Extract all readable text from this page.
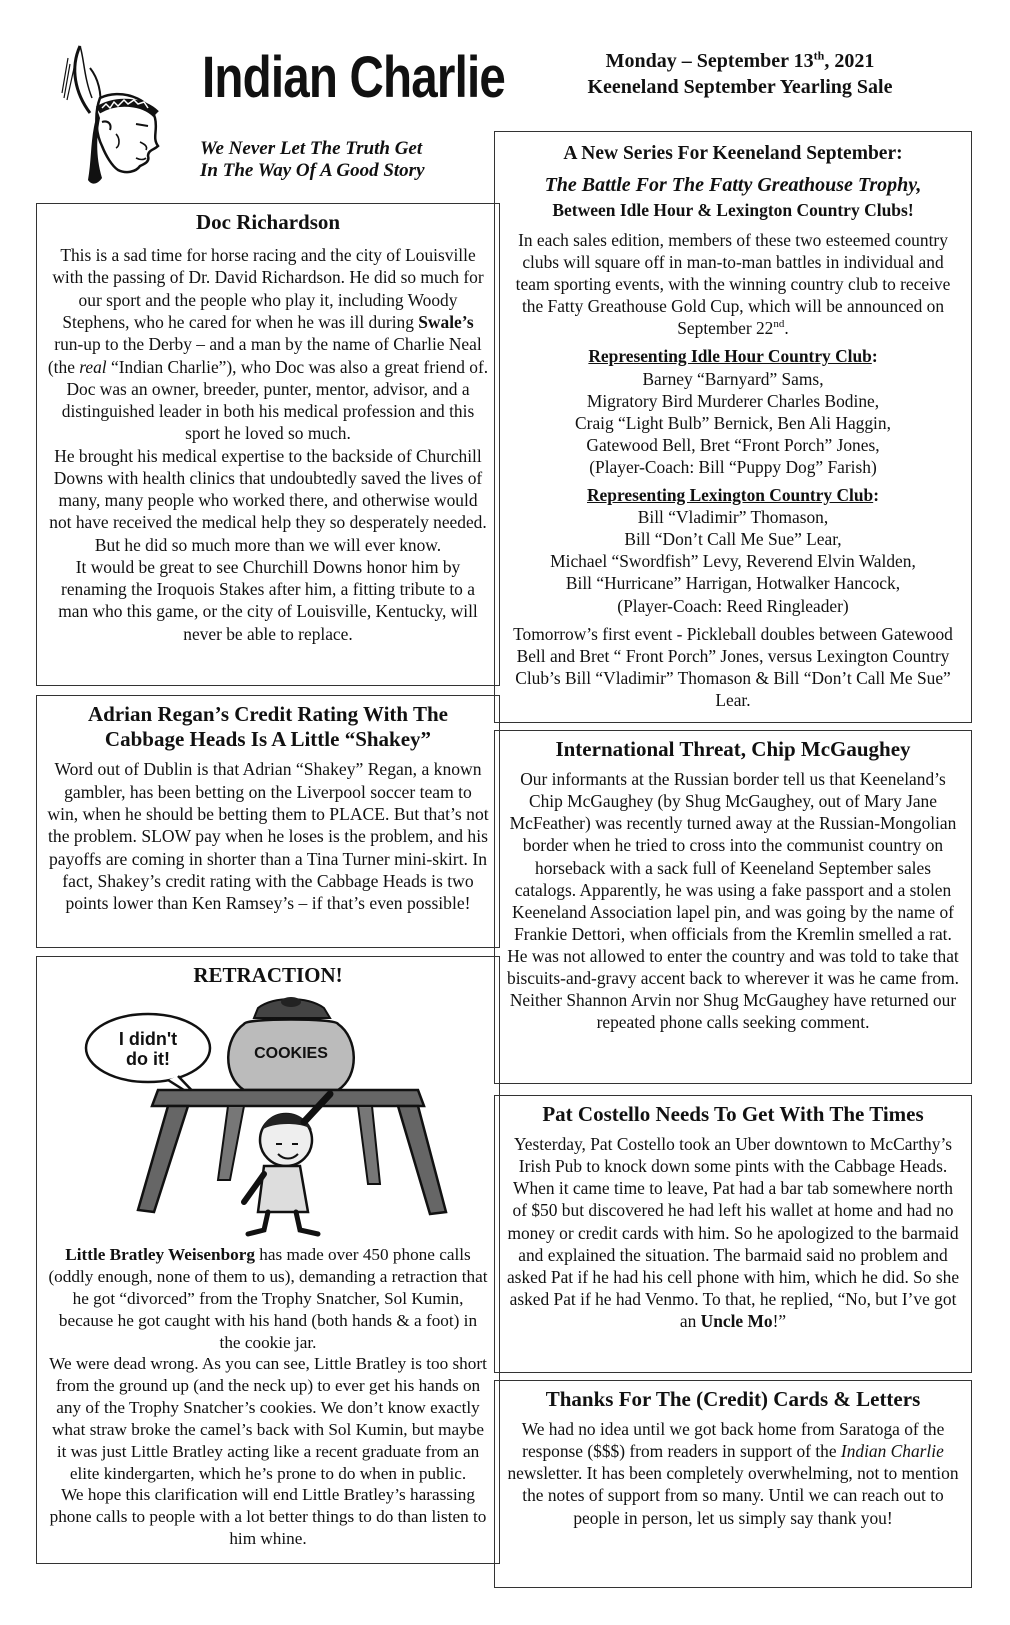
Indian Charlie
We Never Let The Truth Get
In The Way Of A Good Story
Monday – September 13th, 2021
Keeneland September Yearling Sale
Doc Richardson

This is a sad time for horse racing and the city of Louisville with the passing of Dr. David Richardson. He did so much for our sport and the people who play it, including Woody Stephens, who he cared for when he was ill during Swale’s run-up to the Derby – and a man by the name of Charlie Neal (the real “Indian Charlie”), who Doc was also a great friend of.

Doc was an owner, breeder, punter, mentor, advisor, and a distinguished leader in both his medical profession and this sport he loved so much.

He brought his medical expertise to the backside of Churchill Downs with health clinics that undoubtedly saved the lives of many, many people who worked there, and otherwise would not have received the medical help they so desperately needed.

But he did so much more than we will ever know.

It would be great to see Churchill Downs honor him by renaming the Iroquois Stakes after him, a fitting tribute to a man who this game, or the city of Louisville, Kentucky, will never be able to replace.

Adrian Regan’s Credit Rating With The Cabbage Heads Is A Little “Shakey”

Word out of Dublin is that Adrian “Shakey” Regan, a known gambler, has been betting on the Liverpool soccer team to win, when he should be betting them to PLACE. But that’s not the problem. SLOW pay when he loses is the problem, and his payoffs are coming in shorter than a Tina Turner mini-skirt. In fact, Shakey’s credit rating with the Cabbage Heads is two points lower than Ken Ramsey’s – if that’s even possible!

RETRACTION!
I didn't
do it!	COOKIES

Little Bratley Weisenborg has made over 450 phone calls (oddly enough, none of them to us), demanding a retraction that he got “divorced” from the Trophy Snatcher, Sol Kumin, because he got caught with his hand (both hands & a foot) in the cookie jar.

We were dead wrong. As you can see, Little Bratley is too short from the ground up (and the neck up) to ever get his hands on any of the Trophy Snatcher’s cookies. We don’t know exactly what straw broke the camel’s back with Sol Kumin, but maybe it was just Little Bratley acting like a recent graduate from an elite kindergarten, which he’s prone to do when in public.

We hope this clarification will end Little Bratley’s harassing phone calls to people with a lot better things to do than listen to him whine.

A New Series For Keeneland September:
The Battle For The Fatty Greathouse Trophy,
Between Idle Hour & Lexington Country Clubs!

In each sales edition, members of these two esteemed country clubs will square off in man-to-man battles in individual and team sporting events, with the winning country club to receive the Fatty Greathouse Gold Cup, which will be announced on September 22nd.

Representing Idle Hour Country Club:
Barney “Barnyard” Sams,
Migratory Bird Murderer Charles Bodine,
Craig “Light Bulb” Bernick, Ben Ali Haggin,
Gatewood Bell, Bret “Front Porch” Jones,
(Player-Coach: Bill “Puppy Dog” Farish)
Representing Lexington Country Club:
Bill “Vladimir” Thomason,
Bill “Don’t Call Me Sue” Lear,
Michael “Swordfish” Levy, Reverend Elvin Walden,
Bill “Hurricane” Harrigan, Hotwalker Hancock,
(Player-Coach: Reed Ringleader)

Tomorrow’s first event - Pickleball doubles between Gatewood Bell and Bret “ Front Porch” Jones, versus Lexington Country Club’s Bill “Vladimir” Thomason & Bill “Don’t Call Me Sue” Lear.

International Threat, Chip McGaughey

Our informants at the Russian border tell us that Keeneland’s Chip McGaughey (by Shug McGaughey, out of Mary Jane McFeather) was recently turned away at the Russian-Mongolian border when he tried to cross into the communist country on horseback with a sack full of Keeneland September sales catalogs. Apparently, he was using a fake passport and a stolen Keeneland Association lapel pin, and was going by the name of Frankie Dettori, when officials from the Kremlin smelled a rat. He was not allowed to enter the country and was told to take that biscuits-and-gravy accent back to wherever it was he came from.

Neither Shannon Arvin nor Shug McGaughey have returned our repeated phone calls seeking comment.

Pat Costello Needs To Get With The Times

Yesterday, Pat Costello took an Uber downtown to McCarthy’s Irish Pub to knock down some pints with the Cabbage Heads. When it came time to leave, Pat had a bar tab somewhere north of $50 but discovered he had left his wallet at home and had no money or credit cards with him. So he apologized to the barmaid and explained the situation. The barmaid said no problem and asked Pat if he had his cell phone with him, which he did. So she asked Pat if he had Venmo. To that, he replied, “No, but I’ve got an Uncle Mo!”

Thanks For The (Credit) Cards & Letters

We had no idea until we got back home from Saratoga of the response ($$$) from readers in support of the Indian Charlie newsletter. It has been completely overwhelming, not to mention the notes of support from so many. Until we can reach out to people in person, let us simply say thank you!
